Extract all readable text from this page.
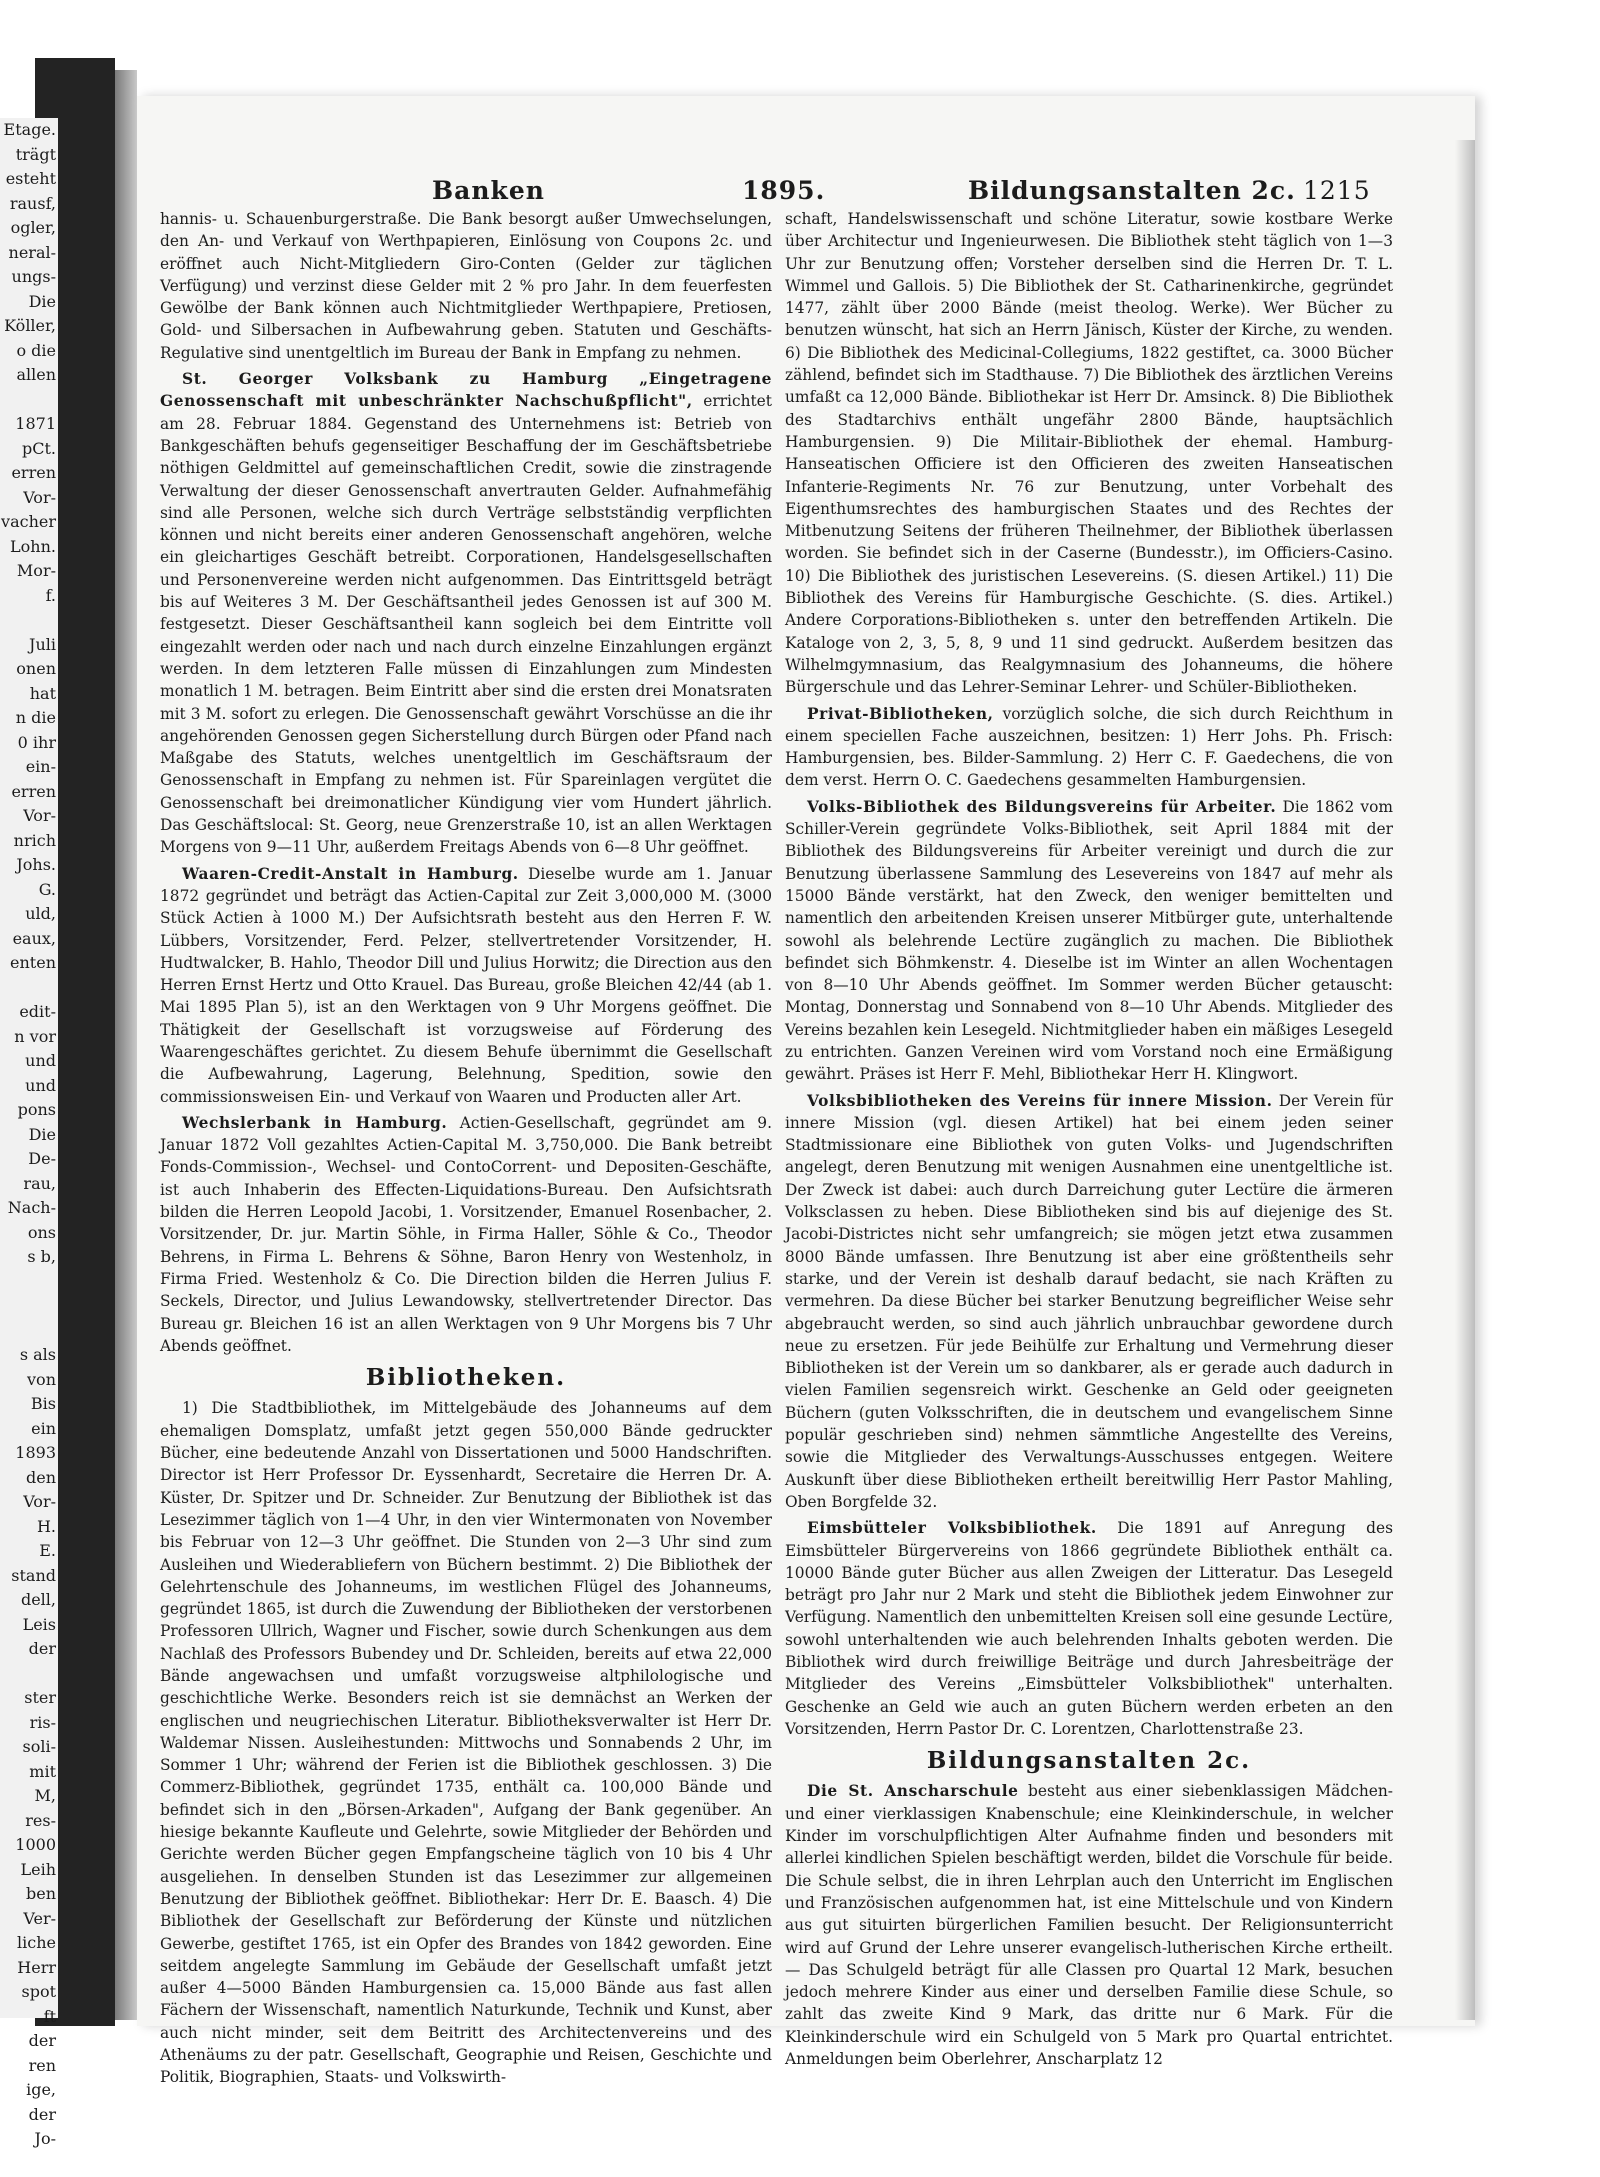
Etage.
trägt
esteht
rausf,
ogler,
neral-
ungs-
Die
Köller,
o die
allen

1871
pCt.
erren
Vor-
vacher
Lohn.
Mor-
f.

Juli
onen
hat
n die
0 ihr
ein-
erren
Vor-
nrich
Johs.
G.
uld,
eaux,
enten

edit-
n vor
und
und
pons
Die
De-
rau,
Nach-
ons
s b,

s als
von
Bis
ein
1893
den
Vor-
H.
E.
stand
dell,
Leis
der

ster
ris-
soli-
mit
M,
res-
1000
Leih
ben
Ver-
liche
Herr
spot
ft
der
ren
ige,
der
Jo-
Banken	1895.	Bildungsanstalten 2c. 1215

hannis- u. Schauenburgerstraße. Die Bank besorgt außer Umwechselungen, den An- und Verkauf von Werthpapieren, Einlösung von Coupons 2c. und eröffnet auch Nicht-Mitgliedern Giro-Conten (Gelder zur täglichen Verfügung) und verzinst diese Gelder mit 2 % pro Jahr. In dem feuerfesten Gewölbe der Bank können auch Nichtmitglieder Werthpapiere, Pretiosen, Gold- und Silbersachen in Aufbewahrung geben. Statuten und Geschäfts-Regulative sind unentgeltlich im Bureau der Bank in Empfang zu nehmen.

St. Georger Volksbank zu Hamburg „Eingetragene Genossenschaft mit unbeschränkter Nachschußpflicht", errichtet am 28. Februar 1884. Gegenstand des Unternehmens ist: Betrieb von Bankgeschäften behufs gegenseitiger Beschaffung der im Geschäftsbetriebe nöthigen Geldmittel auf gemeinschaftlichen Credit, sowie die zinstragende Verwaltung der dieser Genossenschaft anvertrauten Gelder. Aufnahmefähig sind alle Personen, welche sich durch Verträge selbstständig verpflichten können und nicht bereits einer anderen Genossenschaft angehören, welche ein gleichartiges Geschäft betreibt. Corporationen, Handelsgesellschaften und Personenvereine werden nicht aufgenommen. Das Eintrittsgeld beträgt bis auf Weiteres 3 M. Der Geschäftsantheil jedes Genossen ist auf 300 M. festgesetzt. Dieser Geschäftsantheil kann sogleich bei dem Eintritte voll eingezahlt werden oder nach und nach durch einzelne Einzahlungen ergänzt werden. In dem letzteren Falle müssen di Einzahlungen zum Mindesten monatlich 1 M. betragen. Beim Eintritt aber sind die ersten drei Monatsraten mit 3 M. sofort zu erlegen. Die Genossenschaft gewährt Vorschüsse an die ihr angehörenden Genossen gegen Sicherstellung durch Bürgen oder Pfand nach Maßgabe des Statuts, welches unentgeltlich im Geschäftsraum der Genossenschaft in Empfang zu nehmen ist. Für Spareinlagen vergütet die Genossenschaft bei dreimonatlicher Kündigung vier vom Hundert jährlich. Das Geschäftslocal: St. Georg, neue Grenzerstraße 10, ist an allen Werktagen Morgens von 9—11 Uhr, außerdem Freitags Abends von 6—8 Uhr geöffnet.

Waaren-Credit-Anstalt in Hamburg. Dieselbe wurde am 1. Januar 1872 gegründet und beträgt das Actien-Capital zur Zeit 3,000,000 M. (3000 Stück Actien à 1000 M.) Der Aufsichtsrath besteht aus den Herren F. W. Lübbers, Vorsitzender, Ferd. Pelzer, stellvertretender Vorsitzender, H. Hudtwalcker, B. Hahlo, Theodor Dill und Julius Horwitz; die Direction aus den Herren Ernst Hertz und Otto Krauel. Das Bureau, große Bleichen 42/44 (ab 1. Mai 1895 Plan 5), ist an den Werktagen von 9 Uhr Morgens geöffnet. Die Thätigkeit der Gesellschaft ist vorzugsweise auf Förderung des Waarengeschäftes gerichtet. Zu diesem Behufe übernimmt die Gesellschaft die Aufbewahrung, Lagerung, Belehnung, Spedition, sowie den commissionsweisen Ein- und Verkauf von Waaren und Producten aller Art.

Wechslerbank in Hamburg. Actien-Gesellschaft, gegründet am 9. Januar 1872 Voll gezahltes Actien-Capital M. 3,750,000. Die Bank betreibt Fonds-Commission-, Wechsel- und ContoCorrent- und Depositen-Geschäfte, ist auch Inhaberin des Effecten-Liquidations-Bureau. Den Aufsichtsrath bilden die Herren Leopold Jacobi, 1. Vorsitzender, Emanuel Rosenbacher, 2. Vorsitzender, Dr. jur. Martin Söhle, in Firma Haller, Söhle & Co., Theodor Behrens, in Firma L. Behrens & Söhne, Baron Henry von Westenholz, in Firma Fried. Westenholz & Co. Die Direction bilden die Herren Julius F. Seckels, Director, und Julius Lewandowsky, stellvertretender Director. Das Bureau gr. Bleichen 16 ist an allen Werktagen von 9 Uhr Morgens bis 7 Uhr Abends geöffnet.

Bibliotheken.

1) Die Stadtbibliothek, im Mittelgebäude des Johanneums auf dem ehemaligen Domsplatz, umfaßt jetzt gegen 550,000 Bände gedruckter Bücher, eine bedeutende Anzahl von Dissertationen und 5000 Handschriften. Director ist Herr Professor Dr. Eyssenhardt, Secretaire die Herren Dr. A. Küster, Dr. Spitzer und Dr. Schneider. Zur Benutzung der Bibliothek ist das Lesezimmer täglich von 1—4 Uhr, in den vier Wintermonaten von November bis Februar von 12—3 Uhr geöffnet. Die Stunden von 2—3 Uhr sind zum Ausleihen und Wiederabliefern von Büchern bestimmt. 2) Die Bibliothek der Gelehrtenschule des Johanneums, im westlichen Flügel des Johanneums, gegründet 1865, ist durch die Zuwendung der Bibliotheken der verstorbenen Professoren Ullrich, Wagner und Fischer, sowie durch Schenkungen aus dem Nachlaß des Professors Bubendey und Dr. Schleiden, bereits auf etwa 22,000 Bände angewachsen und umfaßt vorzugsweise altphilologische und geschichtliche Werke. Besonders reich ist sie demnächst an Werken der englischen und neugriechischen Literatur. Bibliotheksverwalter ist Herr Dr. Waldemar Nissen. Ausleihestunden: Mittwochs und Sonnabends 2 Uhr, im Sommer 1 Uhr; während der Ferien ist die Bibliothek geschlossen. 3) Die Commerz-Bibliothek, gegründet 1735, enthält ca. 100,000 Bände und befindet sich in den „Börsen-Arkaden", Aufgang der Bank gegenüber. An hiesige bekannte Kaufleute und Gelehrte, sowie Mitglieder der Behörden und Gerichte werden Bücher gegen Empfangscheine täglich von 10 bis 4 Uhr ausgeliehen. In denselben Stunden ist das Lesezimmer zur allgemeinen Benutzung der Bibliothek geöffnet. Bibliothekar: Herr Dr. E. Baasch. 4) Die Bibliothek der Gesellschaft zur Beförderung der Künste und nützlichen Gewerbe, gestiftet 1765, ist ein Opfer des Brandes von 1842 geworden. Eine seitdem angelegte Sammlung im Gebäude der Gesellschaft umfaßt jetzt außer 4—5000 Bänden Hamburgensien ca. 15,000 Bände aus fast allen Fächern der Wissenschaft, namentlich Naturkunde, Technik und Kunst, aber auch nicht minder, seit dem Beitritt des Architectenvereins und des Athenäums zu der patr. Gesellschaft, Geographie und Reisen, Geschichte und Politik, Biographien, Staats- und Volkswirth-

schaft, Handelswissenschaft und schöne Literatur, sowie kostbare Werke über Architectur und Ingenieurwesen. Die Bibliothek steht täglich von 1—3 Uhr zur Benutzung offen; Vorsteher derselben sind die Herren Dr. T. L. Wimmel und Gallois. 5) Die Bibliothek der St. Catharinenkirche, gegründet 1477, zählt über 2000 Bände (meist theolog. Werke). Wer Bücher zu benutzen wünscht, hat sich an Herrn Jänisch, Küster der Kirche, zu wenden. 6) Die Bibliothek des Medicinal-Collegiums, 1822 gestiftet, ca. 3000 Bücher zählend, befindet sich im Stadthause. 7) Die Bibliothek des ärztlichen Vereins umfaßt ca 12,000 Bände. Bibliothekar ist Herr Dr. Amsinck. 8) Die Bibliothek des Stadtarchivs enthält ungefähr 2800 Bände, hauptsächlich Hamburgensien. 9) Die Militair-Bibliothek der ehemal. Hamburg-Hanseatischen Officiere ist den Officieren des zweiten Hanseatischen Infanterie-Regiments Nr. 76 zur Benutzung, unter Vorbehalt des Eigenthumsrechtes des hamburgischen Staates und des Rechtes der Mitbenutzung Seitens der früheren Theilnehmer, der Bibliothek überlassen worden. Sie befindet sich in der Caserne (Bundesstr.), im Officiers-Casino. 10) Die Bibliothek des juristischen Lesevereins. (S. diesen Artikel.) 11) Die Bibliothek des Vereins für Hamburgische Geschichte. (S. dies. Artikel.) Andere Corporations-Bibliotheken s. unter den betreffenden Artikeln. Die Kataloge von 2, 3, 5, 8, 9 und 11 sind gedruckt. Außerdem besitzen das Wilhelmgymnasium, das Realgymnasium des Johanneums, die höhere Bürgerschule und das Lehrer-Seminar Lehrer- und Schüler-Bibliotheken.

Privat-Bibliotheken, vorzüglich solche, die sich durch Reichthum in einem speciellen Fache auszeichnen, besitzen: 1) Herr Johs. Ph. Frisch: Hamburgensien, bes. Bilder-Sammlung. 2) Herr C. F. Gaedechens, die von dem verst. Herrn O. C. Gaedechens gesammelten Hamburgensien.

Volks-Bibliothek des Bildungsvereins für Arbeiter. Die 1862 vom Schiller-Verein gegründete Volks-Bibliothek, seit April 1884 mit der Bibliothek des Bildungsvereins für Arbeiter vereinigt und durch die zur Benutzung überlassene Sammlung des Lesevereins von 1847 auf mehr als 15000 Bände verstärkt, hat den Zweck, den weniger bemittelten und namentlich den arbeitenden Kreisen unserer Mitbürger gute, unterhaltende sowohl als belehrende Lectüre zugänglich zu machen. Die Bibliothek befindet sich Böhmkenstr. 4. Dieselbe ist im Winter an allen Wochentagen von 8—10 Uhr Abends geöffnet. Im Sommer werden Bücher getauscht: Montag, Donnerstag und Sonnabend von 8—10 Uhr Abends. Mitglieder des Vereins bezahlen kein Lesegeld. Nichtmitglieder haben ein mäßiges Lesegeld zu entrichten. Ganzen Vereinen wird vom Vorstand noch eine Ermäßigung gewährt. Präses ist Herr F. Mehl, Bibliothekar Herr H. Klingwort.

Volksbibliotheken des Vereins für innere Mission. Der Verein für innere Mission (vgl. diesen Artikel) hat bei einem jeden seiner Stadtmissionare eine Bibliothek von guten Volks- und Jugendschriften angelegt, deren Benutzung mit wenigen Ausnahmen eine unentgeltliche ist. Der Zweck ist dabei: auch durch Darreichung guter Lectüre die ärmeren Volksclassen zu heben. Diese Bibliotheken sind bis auf diejenige des St. Jacobi-Districtes nicht sehr umfangreich; sie mögen jetzt etwa zusammen 8000 Bände umfassen. Ihre Benutzung ist aber eine größtentheils sehr starke, und der Verein ist deshalb darauf bedacht, sie nach Kräften zu vermehren. Da diese Bücher bei starker Benutzung begreiflicher Weise sehr abgebraucht werden, so sind auch jährlich unbrauchbar gewordene durch neue zu ersetzen. Für jede Beihülfe zur Erhaltung und Vermehrung dieser Bibliotheken ist der Verein um so dankbarer, als er gerade auch dadurch in vielen Familien segensreich wirkt. Geschenke an Geld oder geeigneten Büchern (guten Volksschriften, die in deutschem und evangelischem Sinne populär geschrieben sind) nehmen sämmtliche Angestellte des Vereins, sowie die Mitglieder des Verwaltungs-Ausschusses entgegen. Weitere Auskunft über diese Bibliotheken ertheilt bereitwillig Herr Pastor Mahling, Oben Borgfelde 32.

Eimsbütteler Volksbibliothek. Die 1891 auf Anregung des Eimsbütteler Bürgervereins von 1866 gegründete Bibliothek enthält ca. 10000 Bände guter Bücher aus allen Zweigen der Litteratur. Das Lesegeld beträgt pro Jahr nur 2 Mark und steht die Bibliothek jedem Einwohner zur Verfügung. Namentlich den unbemittelten Kreisen soll eine gesunde Lectüre, sowohl unterhaltenden wie auch belehrenden Inhalts geboten werden. Die Bibliothek wird durch freiwillige Beiträge und durch Jahresbeiträge der Mitglieder des Vereins „Eimsbütteler Volksbibliothek" unterhalten. Geschenke an Geld wie auch an guten Büchern werden erbeten an den Vorsitzenden, Herrn Pastor Dr. C. Lorentzen, Charlottenstraße 23.

Bildungsanstalten 2c.

Die St. Anscharschule besteht aus einer siebenklassigen Mädchen- und einer vierklassigen Knabenschule; eine Kleinkinderschule, in welcher Kinder im vorschulpflichtigen Alter Aufnahme finden und besonders mit allerlei kindlichen Spielen beschäftigt werden, bildet die Vorschule für beide. Die Schule selbst, die in ihren Lehrplan auch den Unterricht im Englischen und Französischen aufgenommen hat, ist eine Mittelschule und von Kindern aus gut situirten bürgerlichen Familien besucht. Der Religionsunterricht wird auf Grund der Lehre unserer evangelisch-lutherischen Kirche ertheilt. — Das Schulgeld beträgt für alle Classen pro Quartal 12 Mark, besuchen jedoch mehrere Kinder aus einer und derselben Familie diese Schule, so zahlt das zweite Kind 9 Mark, das dritte nur 6 Mark. Für die Kleinkinderschule wird ein Schulgeld von 5 Mark pro Quartal entrichtet. Anmeldungen beim Oberlehrer, Anscharplatz 12
